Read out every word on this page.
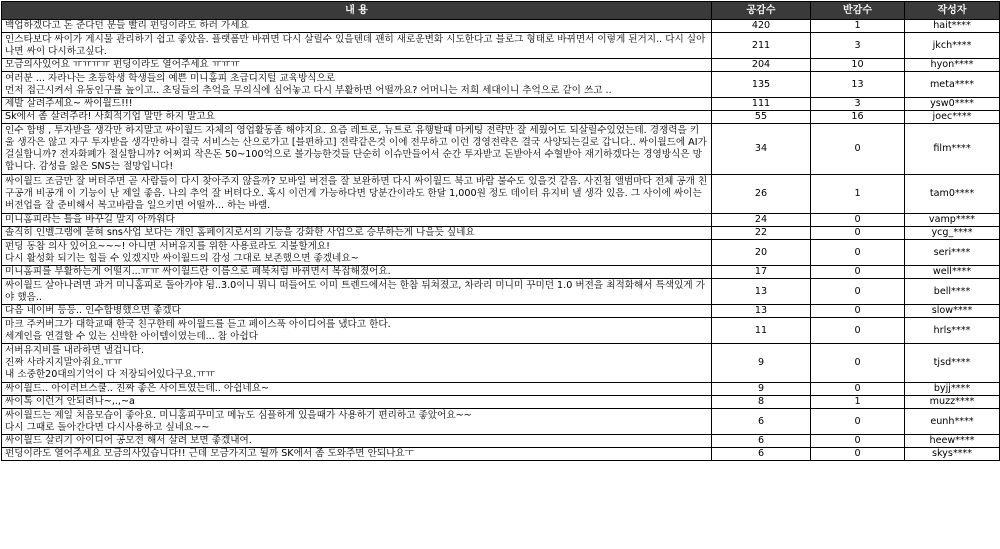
내 용	공감수	반감수	작성자
백업하겠다고 돈 준다던 분들 빨리 펀딩이라도 하러 가세요	420	1	hait****
인스타보다 싸이가 게시물 관리하기 쉽고 좋았음. 플랫폼만 바뀌면 다시 살릴수 있을텐데 괜히 새로운변화 시도한다고 블로그 형태로 바뀌면서 이렇게 된거지.. 다시 실아나면 싸이 다시하고싶다.	211	3	jkch****
모금의사있어요 ㅠㅠㅠㅠ 펀딩이라도 열어주세요 ㅠㅠㅠ	204	10	hyon****
여러분 ... 자라나는 초등학생 학생들의 예쁜 미니홈피 초급디지털 교육방식으로
먼저 접근시켜서 유동인구를 높이고.. 초딩들의 추억을 무의식에 심어놓고 다시 부활하면 어떨까요? 어머니는 저희 세대이니 추억으로 같이 쓰고 ..	135	13	meta****
제발 살려주세요~ 싸이월드!!!	111	3	ysw0****
Sk에서 좀 살려주라! 사회적기업 말만 하지 말고요	55	16	joec****
인수 합병 , 투자받을 생각만 하지말고 싸이월드 자체의 영업활동좀 해야지요. 요즘 레트로, 뉴트로 유행탈때 마케팅 전략만 잘 세웠어도 되살릴수있었는데. 경쟁력을 키울 생각은 않고 자구 투자받을 생각만하니 결국 서비스는 산으로가고 [블편하고] 전략같은것 이에 전무하고 이런 경영전략은 결국 사양되는길로 갑니다.. 싸이월드에 AI가 걸실합니까? 전자화폐가 절실합니까? 어쩌피 작은돈 50~100억으로 볼가능한것들 단순히 이슈만들어서 순간 투자받고 돈받아서 수혈받아 재기하겠다는 경영방식은 망합니다. 감성을 잃은 SNS는 절망입니다!	34	0	film****
싸이월드 조금만 잘 버텨주면 곧 사람들이 다시 찾아주지 않을까? 모바일 버전을 잘 보완하면 다시 싸이월드 북고 바람 불수도 있을것 같음. 사진첩 앨범마다 전체 공개 친구공개 비공개 이 기능이 난 제일 좋음. 나의 추억 잘 버텨다오. 혹시 이런게 가능하다면 당분간이라도 한달 1,000원 정도 데이터 유지비 낼 생각 있음. 그 사이에 싸이는 버전업을 잘 준비해서 복고바람을 일으키면 어떨까... 하는 바램.	26	1	tam0****
미니홈피라는 틀을 바꾸길 말지 아까워다	24	0	vamp****
솔직히 인벨그램에 묻혀 sns사업 보다는 개인 홈페이지로서의 기능을 강화한 사업으로 승부하는게 나을듯 싶네요	22	0	ycg_****
펀딩 동참 의사 있어요~~~! 아니면 서버유지를 위한 사용료라도 지불할게요!
다시 활성화 되기는 힘들 수 있겠지만 싸이월드의 감성 그대로 보존했으면 좋겠네요~	20	0	seri****
미니홈피를 부활하는게 어떨지...ㅠㅠ 싸이월드란 이름으로 페북처럼 바뀌면서 복잡해졌어요.	17	0	well****
싸이월드 살아나려면 과거 미니홈피로 돌아가야 됨..3.0이니 뭐니 떠들어도 이미 트렌드에서는 한참 뒤쳐졌고, 차라리 미니미 꾸미던 1.0 버전을 최적화해서 특색있게 가야 했음..	13	0	bell****
다음 네이버 등등.. 인수합병했으면 좋겠다	13	0	slow****
마크 주커버그가 대학교때 한국 친구한테 싸이월드를 듣고 페이스푹 아이디어를 냈다고 한다.
세계인을 연결할 수 있는 신박한 아이템이였는데... 참 아쉽다	11	0	hrls****
서버유지비를 내라하면 낼겁니다.
진짜 사라지지말아줘요.ㅠㅠ
내 소중한20대의기억이 다 저장되어있다구요.ㅠㅠ	9	0	tjsd****
싸이월드.. 아이러브스쿨.. 진짜 좋은 사이트였는데.. 아쉽네요~	9	0	byjj****
싸이톡 이런거 안되려나~,.,~a	8	1	muzz****
싸이월드는 제일 처음모습이 좋아요. 미니홈피꾸미고 메뉴도 심플하게 있을때가 사용하기 편리하고 좋았어요~~
다시 그때로 돌아간다면 다시사용하고 싶네요~~	6	0	eunh****
싸이월드 살리기 아이디어 공모전 해서 살려 보면 좋겠내여.	6	0	heew****
펀딩이라도 열어주세요 모금의사있습니다!! 근데 모금가지고 될까 SK에서 좀 도와주면 안되나요ㅜ	6	0	skys****
